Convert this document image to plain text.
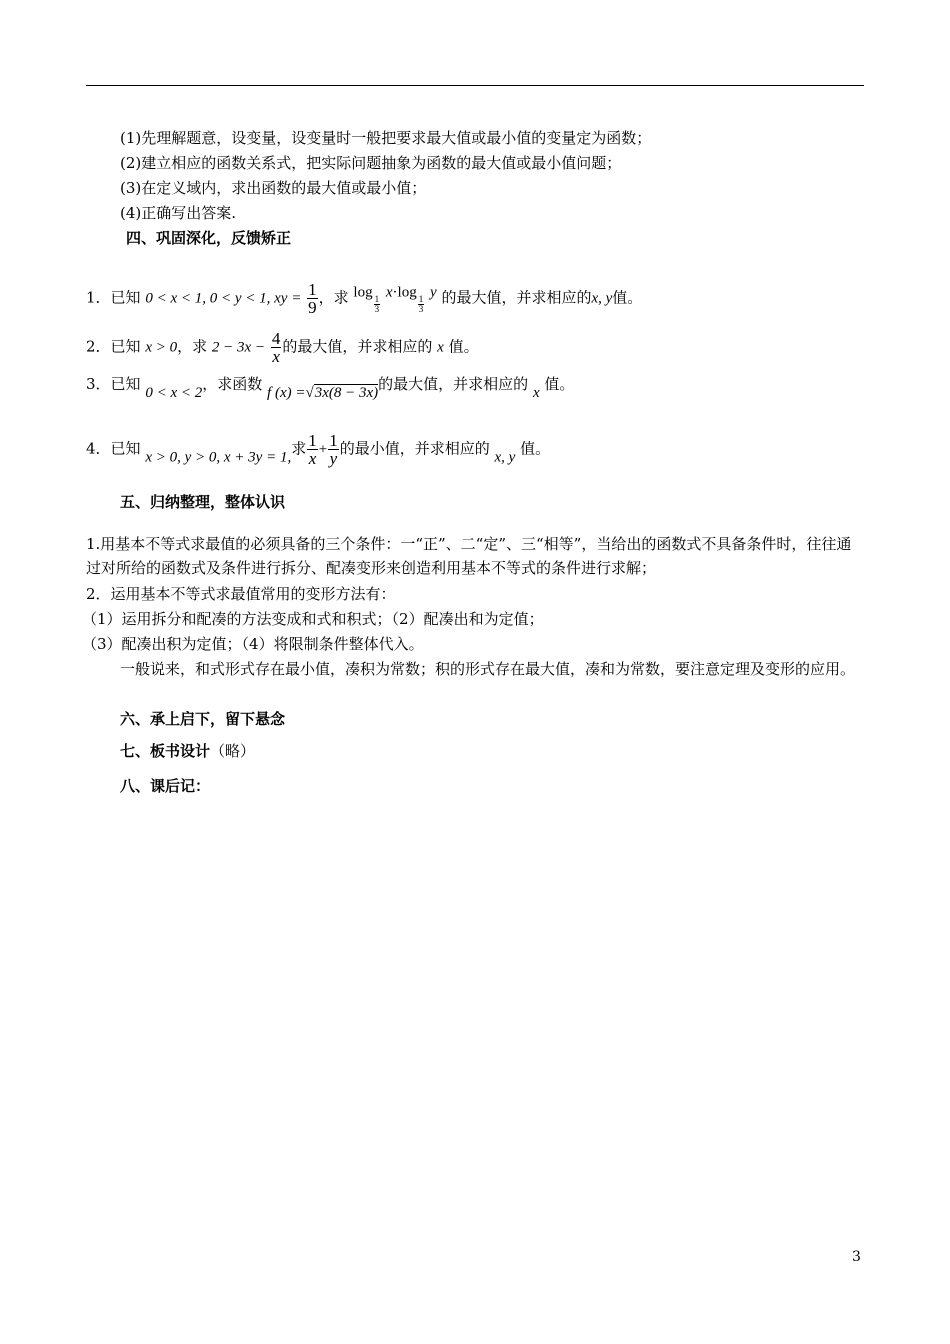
(1)先理解题意，设变量，设变量时一般把要求最大值或最小值的变量定为函数；
(2)建立相应的函数关系式，把实际问题抽象为函数的最大值或最小值问题；
(3)在定义域内，求出函数的最大值或最小值；
(4)正确写出答案.
四、巩固深化，反馈矫正
1．已知 0 < x < 1, 0 < y < 1, xy = $\frac{1}{9}$ ，求 log
$\frac{1}{3}$
x·log
$\frac{1}{3}$
y 的最大值，并求相应的x, y值。
2．已知 x > 0，求 $2 - 3x - \frac{4}{x}$ 的最大值，并求相应的 x 值。
3．已知 0 < x < 2，求函数 f (x) =√3x(8 − 3x)的最大值，并求相应的 x 值。
4．已知 x > 0, y > 0, x + 3y = 1,求 $\frac{1}{x} + \frac{1}{y}$ 的最小值，并求相应的 x, y 值。
五、归纳整理，整体认识
1.用基本不等式求最值的必须具备的三个条件：一“正”、二“定”、三“相等”，当给出的函数式不具备条件时，往往通过对所给的函数式及条件进行拆分、配凑变形来创造利用基本不等式的条件进行求解；
2．运用基本不等式求最值常用的变形方法有：
（1）运用拆分和配凑的方法变成和式和积式；（2）配凑出和为定值；
（3）配凑出积为定值；（4）将限制条件整体代入。
一般说来，和式形式存在最小值，凑积为常数；积的形式存在最大值，凑和为常数，要注意定理及变形的应用。
六、承上启下，留下悬念
七、板书设计（略）
八、课后记：
3
